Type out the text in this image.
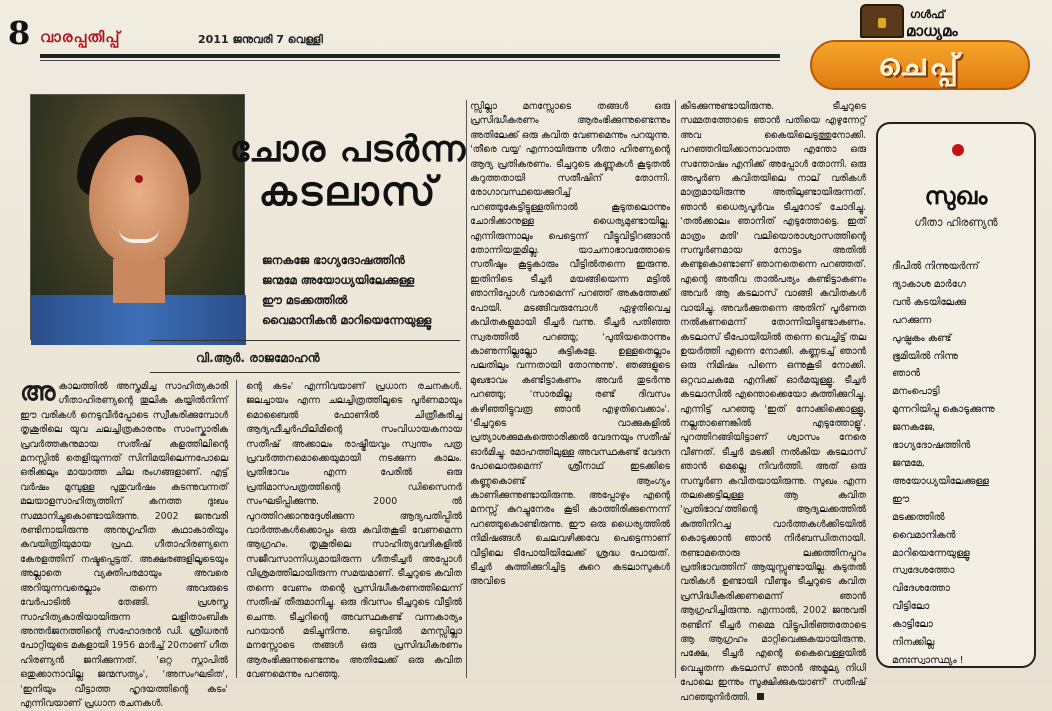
8 വാരപ്പതിപ്പ്	2011 ജനുവരി 7 വെള്ളി
ഗൾഫ്
മാധ്യമം
ചെപ്പ്
ചോര പടർന്ന
കടലാസ്
ജനകജേ ഭാഗ്യദോഷത്തിൻ
ജന്മമേ അയോധ്യയിലേക്കുള്ള
ഈ മടക്കത്തിൽ
വൈമാനികൻ മാറിയെന്നേയുള്ളൂ
വി.ആർ. രാജമോഹൻ
അ കാലത്തിൽ അസ്തമിച്ച സാഹിത്യകാരി ഗീതാഹിരണ്യന്റെ തൂലിക കയ്യിൽനിന്ന് ഈ വരികൾ നെടുവീർപ്പോടെ സ്വീകരിക്കുമ്പോൾ തൃശൂരിലെ യുവ ചലച്ചിത്രകാരനും സാംസ്കാരിക പ്രവർത്തകനുമായ സതീഷ് കളത്തിലിന്റെ മനസ്സിൽ തെളിയുന്നത് സിനിമയിലെന്നപോലെ ഒരിക്കലും മായാത്ത ചില രംഗങ്ങളാണ്. എട്ട് വർഷം മുമ്പുള്ള പുതുവർഷം കടന്നുവന്നത് മലയാളസാഹിത്യത്തിന് കനത്ത ദുഃഖം സമ്മാനിച്ചുകൊണ്ടായിരുന്നു. 2002 ജനുവരി രണ്ടിനായിരുന്നു അനുഗൃഹീത കഥാകാരിയും കവയിത്രിയുമായ പ്രഫ. ഗീതാഹിരണ്യനെ കേരളത്തിന് നഷ്ടപ്പെട്ടത്. അക്ഷരങ്ങളിലൂടെയും അല്ലാതെ വ്യക്തിപരമായും അവരെ അറിയുന്നവരെല്ലാം തന്നെ അവരുടെ വേർപാടിൽ തേങ്ങി. പ്രശസ്ത സാഹിത്യകാരിയായിരുന്ന ലളിതാംബിക അന്തർജനത്തിന്റെ സഹോദരൻ ഡി. ശ്രീധരൻ പോറ്റിയുടെ മകളായി 1956 മാർച്ച് 20നാണ് ഗീത ഹിരണ്യൻ ജനിക്കുന്നത്. 'ഒറ്റ സ്നാപിൽ ഒതുക്കാനാവില്ല ജന്മസത്യം', 'അസംഘടിത', 'ഇനിയും വീട്ടാത്ത ഹൃദയത്തിന്റെ കടം' എന്നിവയാണ് പ്രധാന രചനകൾ.
ന്റെ കടം' എന്നിവയാണ് പ്രധാന രചനകൾ. ജലച്ചായം എന്ന ചലച്ചിത്രത്തിലൂടെ പൂർണമായും മൊബൈൽ ഫോണിൽ ചിത്രീകരിച്ച ആദ്യഫീച്ചർഫിലിമിന്റെ സംവിധായകനായ സതീഷ് അക്കാലം രാഷ്ട്രീയവും സ്വന്തം പത്ര പ്രവർത്തനമൊക്കെയുമായി നടക്കുന്ന കാലം. പ്രതിഭാവം എന്ന പേരിൽ ഒരു പ്രതിമാസപത്രത്തിന്റെ ഡിസൈനർ സംഘടിപ്പിക്കുന്നു. 2000 ൽ പുറത്തിറക്കാനുദ്ദേശിക്കുന്ന ആദ്യപതിപ്പിൽ വാർത്തകൾക്കൊപ്പം ഒരു കവിതകൂടി വേണമെന്ന ആഗ്രഹം. തൃശൂരിലെ സാഹിത്യവേദികളിൽ സജീവസാന്നിധ്യമായിരുന്ന ഗീതടീച്ചർ അപ്പോൾ വിശ്രമത്തിലായിരുന്ന സമയമാണ്. ടീച്ചറുടെ കവിത തന്നെ വേണം തന്റെ പ്രസിദ്ധീകരണത്തിലെന്ന് സതീഷ് തീരുമാനിച്ചു. ഒരു ദിവസം ടീച്ചറുടെ വീട്ടിൽ ചെന്നു. ടീച്ചറിന്റെ അവസ്ഥകണ്ട് വന്നകാര്യം പറയാൻ മടിച്ചുനിന്നു. ഒടുവിൽ മനസ്സില്ലാ മനസ്സോടെ തങ്ങൾ ഒരു പ്രസിദ്ധീകരണം ആരംഭിക്കുന്നുണ്ടെന്നും അതിലേക്ക് ഒരു കവിത വേണമെന്നും പറഞ്ഞു.
സ്സില്ലാ മനസ്സോടെ തങ്ങൾ ഒരു പ്രസിദ്ധീകരണം ആരംഭിക്കുന്നുണ്ടെന്നും അതിലേക്ക് ഒരു കവിത വേണമെന്നും പറയുന്നു. 'തീരെ വയ്യ' എന്നായിരുന്നു ഗീതാ ഹിരണ്യന്റെ ആദ്യ പ്രതികരണം. ടീച്ചറുടെ കണ്ണുകൾ കൂടുതൽ കറുത്തതായി സതീഷിന് തോന്നി. രോഗാവസ്ഥയെക്കുറിച്ച് പറഞ്ഞുകേട്ടിട്ടുള്ളതിനാൽ കൂടുതലൊന്നും ചോദിക്കാനുള്ള ധൈര്യമുണ്ടായില്ല. എന്നിരുന്നാലും പെട്ടെന്ന് വീട്ടുവിട്ടിറങ്ങാൻ തോന്നിയതുമില്ല. യാചനാഭാവത്തോടെ സതീഷും കൂട്ടുകാരും വീട്ടിൽതന്നെ ഇരുന്നു. ഇതിനിടെ ടീച്ചർ മയങ്ങിയെന്ന മട്ടിൽ ഞാനിപ്പോൾ വരാമെന്ന് പറഞ്ഞ് അകത്തേക്ക് പോയി. മടങ്ങിവരുമ്പോൾ ഏഴുതിവെച്ച കവിതകളുമായി ടീച്ചർ വന്നു. ടീച്ചർ പതിഞ്ഞ സ്വരത്തിൽ പറഞ്ഞു; 'പുതിയതൊന്നും കാണുന്നില്ലല്ലോ കുട്ടികളേ. ഉള്ളതെല്ലാം പലതിലും വന്നതായി തോന്നുന്നു'. ഞങ്ങളുടെ മുഖഭാവം കണ്ടിട്ടാകണം അവർ തുടർന്നു പറഞ്ഞു; 'സാരമില്ല രണ്ട് ദിവസം കഴിഞ്ഞിട്ടുവരൂ ഞാൻ എഴുതിവെക്കാം'. 'ടീച്ചറുടെ വാക്കുകളിൽ പ്രത്യാശക്കുമകത്തൊരിക്കൽ വേദനയും സതീഷ് ഓർമിച്ചു. മോഹത്തിലുള്ള അവസ്ഥകണ്ട് വേദന പോലൊരുമെന്ന് ശ്രീനാഥ് ഇടക്കിടെ കണ്ണുകൊണ്ട് ആംഗ്യം കാണിക്കുന്നുണ്ടായിരുന്നു. അപ്പോഴും എന്റെ മനസ്സ് കുറച്ചുനേരം കൂടി കാത്തിരിക്കുന്നെന്ന് പറഞ്ഞുകൊണ്ടിരുന്നു. ഈ ഒരു ധൈര്യത്തിൽ നിമിഷങ്ങൾ ചെലവഴിക്കവേ പെട്ടെന്നാണ് വീട്ടിലെ ടീപോയിയിലേക്ക് ശ്രദ്ധ പോയത്. ടീച്ചർ കുത്തിക്കുറിച്ചിട്ട കുറെ കടലാസുകൾ അവിടെ
കിടക്കുന്നുണ്ടായിരുന്നു. ടീച്ചറുടെ സമ്മതത്തോടെ ഞാൻ പതിയെ എഴുന്നേറ്റ് അവ കൈയിലെടുത്തുനോക്കി. പറഞ്ഞറിയിക്കാനാവാത്ത എന്തോ ഒരു സന്തോഷം എനിക്ക് അപ്പോൾ തോന്നി. ഒരു അപൂർണ കവിതയിലെ നാല് വരികൾ മാത്രമായിരുന്നു അതിലുണ്ടായിരുന്നത്. ഞാൻ ധൈര്യപൂർവം ടീച്ചറോട് ചോദിച്ചു. 'തൽക്കാലം ഞാനിത് എടുത്തോട്ടെ. ഇത് മാത്രം മതി' വലിയൊരാശ്വാസത്തിന്റെ സമ്പൂർണമായ നോട്ടം അതിൽ കണ്ടുകൊണ്ടാണ് ഞാനതെന്നെ പറഞ്ഞത്. എന്റെ അതീവ താൽപര്യം കണ്ടിട്ടാകണം അവർ ആ കടലാസ് വാങ്ങി കവിതകൾ വായിച്ചു. അവർക്കുതന്നെ അതിന് പൂർണത നൽകണമെന്ന് തോന്നിയിട്ടുണ്ടാകണം. കടലാസ് ടീപോയിയിൽ തന്നെ വെച്ചിട്ട് തല ഉയർത്തി എന്നെ നോക്കി. കണ്ണടച്ച് ഞാൻ ഒരു നിമിഷം പിന്നെ ഒന്നുകൂടി നോക്കി. ഒറ്റവാചകമേ എനിക്ക് ഓർമയുള്ളൂ. ടീച്ചർ കടലാസിൽ എന്തൊക്കെയോ കുത്തിക്കുറിച്ചു. എന്നിട്ട് പറഞ്ഞു 'ഇത് നോക്കിക്കൊള്ളൂ, നല്ലതാണെങ്കിൽ എടുത്തോളൂ'. പുറത്തിറങ്ങിയിട്ടാണ് ശ്വാസം നേരെ വീണത്. ടീച്ചർ മടക്കി നൽകിയ കടലാസ് ഞാൻ മെല്ലെ നിവർത്തി. അത് ഒരു സമ്പൂർണ കവിതയായിരുന്നു. സുഖം എന്ന തലക്കെട്ടിലുള്ള ആ കവിത 'പ്രതിഭാവ'ത്തിന്റെ ആദ്യലക്കത്തിൽ കുത്തിനിറച്ച വാർത്തകൾക്കിടയിൽ കൊടുക്കാൻ ഞാൻ നിർബന്ധിതനായി. രണ്ടാമതൊരു ലക്കത്തിനപ്പുറം പ്രതിഭാവത്തിന് ആയുസ്സുണ്ടായില്ല. കുടുതൽ വരികൾ ഉണ്ടായി വീണ്ടും ടീച്ചറുടെ കവിത പ്രസിദ്ധീകരിക്കണമെന്ന് ഞാൻ ആഗ്രഹിച്ചിരുന്നു. എന്നാൽ, 2002 ജനുവരി രണ്ടിന് ടീച്ചർ നമ്മെ വിട്ടുപിരിഞ്ഞതോടെ ആ ആഗ്രഹം മാറ്റിവെക്കുകയായിരുന്നു. പക്ഷേ, ടീച്ചർ എന്റെ കൈവെള്ളയിൽ വെച്ചുതന്ന കടലാസ് ഞാൻ അമൂല്യ നിധി പോലെ ഇന്നും സൂക്ഷിക്കുകയാണ്' സതീഷ് പറഞ്ഞുനിർത്തി.
സുഖം
ഗീതാ ഹിരണ്യൻ
ദീപിൽ നിന്നുയർന്ന്
ദ്യാകാശ മാർഗേ
വൻ കടയിലേക്കു
പറക്കുന്ന
പുഷ്പകം കണ്ട്
ഭൂമിയിൽ നിന്നു
ഞാൻ
മനംപൊട്ടി
മുന്നറിയിപ്പു കൊടുക്കുന്നു
ജനകജേ,
ഭാഗ്യദോഷത്തിൻ
ജന്മമേ,
അയോധ്യയിലേക്കുള്ള
ഈ
മടക്കത്തിൽ
വൈമാനികൻ
മാറിയെന്നേയുള്ളൂ
സ്വദേശത്തോ
വിദേശത്തോ
വീട്ടിലോ
കാട്ടിലോ
നിനക്കില്ല
മനഃസ്വാസ്ഥ്യം !
